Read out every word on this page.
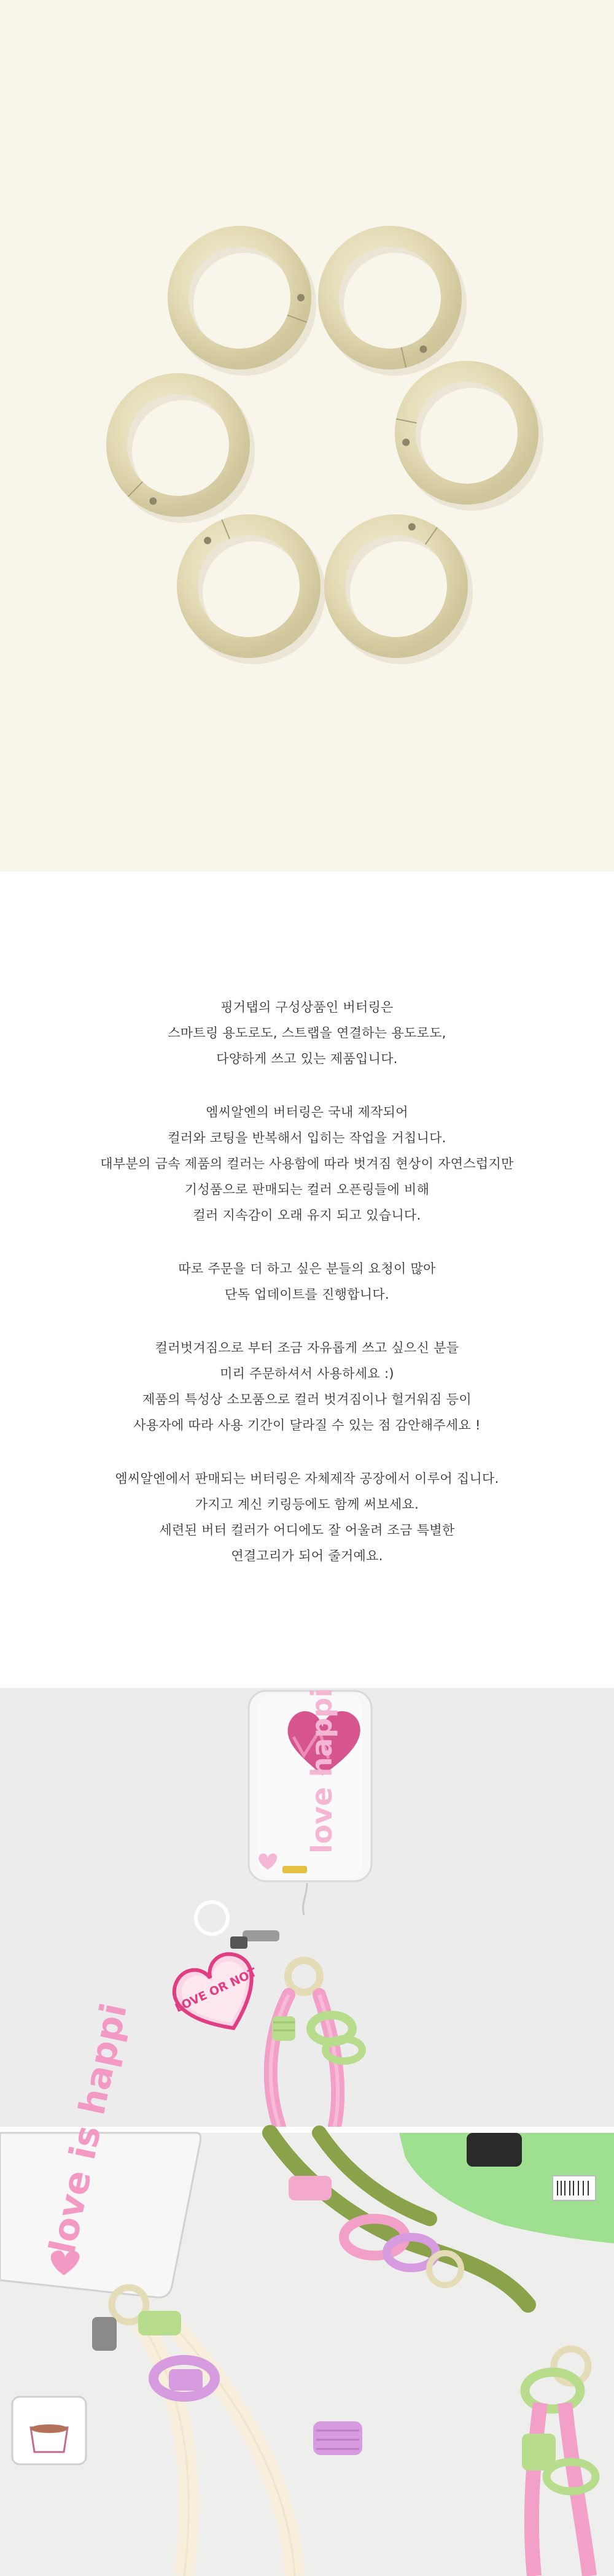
핑거탭의 구성상품인 버터링은
스마트링 용도로도, 스트랩을 연결하는 용도로도,
다양하게 쓰고 있는 제품입니다.
엠씨알엔의 버터링은 국내 제작되어
컬러와 코팅을 반복해서 입히는 작업을 거칩니다.
대부분의 금속 제품의 컬러는 사용함에 따라 벗겨짐 현상이 자연스럽지만
기성품으로 판매되는 컬러 오픈링들에 비해
컬러 지속감이 오래 유지 되고 있습니다.
따로 주문을 더 하고 싶은 분들의 요청이 많아
단독 업데이트를 진행합니다.
컬러벗겨짐으로 부터 조금 자유롭게 쓰고 싶으신 분들
미리 주문하셔서 사용하세요 :)
제품의 특성상 소모품으로 컬러 벗겨짐이나 헐거워짐 등이
사용자에 따라 사용 기간이 달라질 수 있는 점 감안해주세요 !
엠씨알엔에서 판매되는 버터링은 자체제작 공장에서 이루어 집니다.
가지고 계신 키링등에도 함께 써보세요.
세련된 버터 컬러가 어디에도 잘 어울려 조금 특별한
연결고리가 되어 줄거예요.
love happi
LOVE OR NOT
love is happi
